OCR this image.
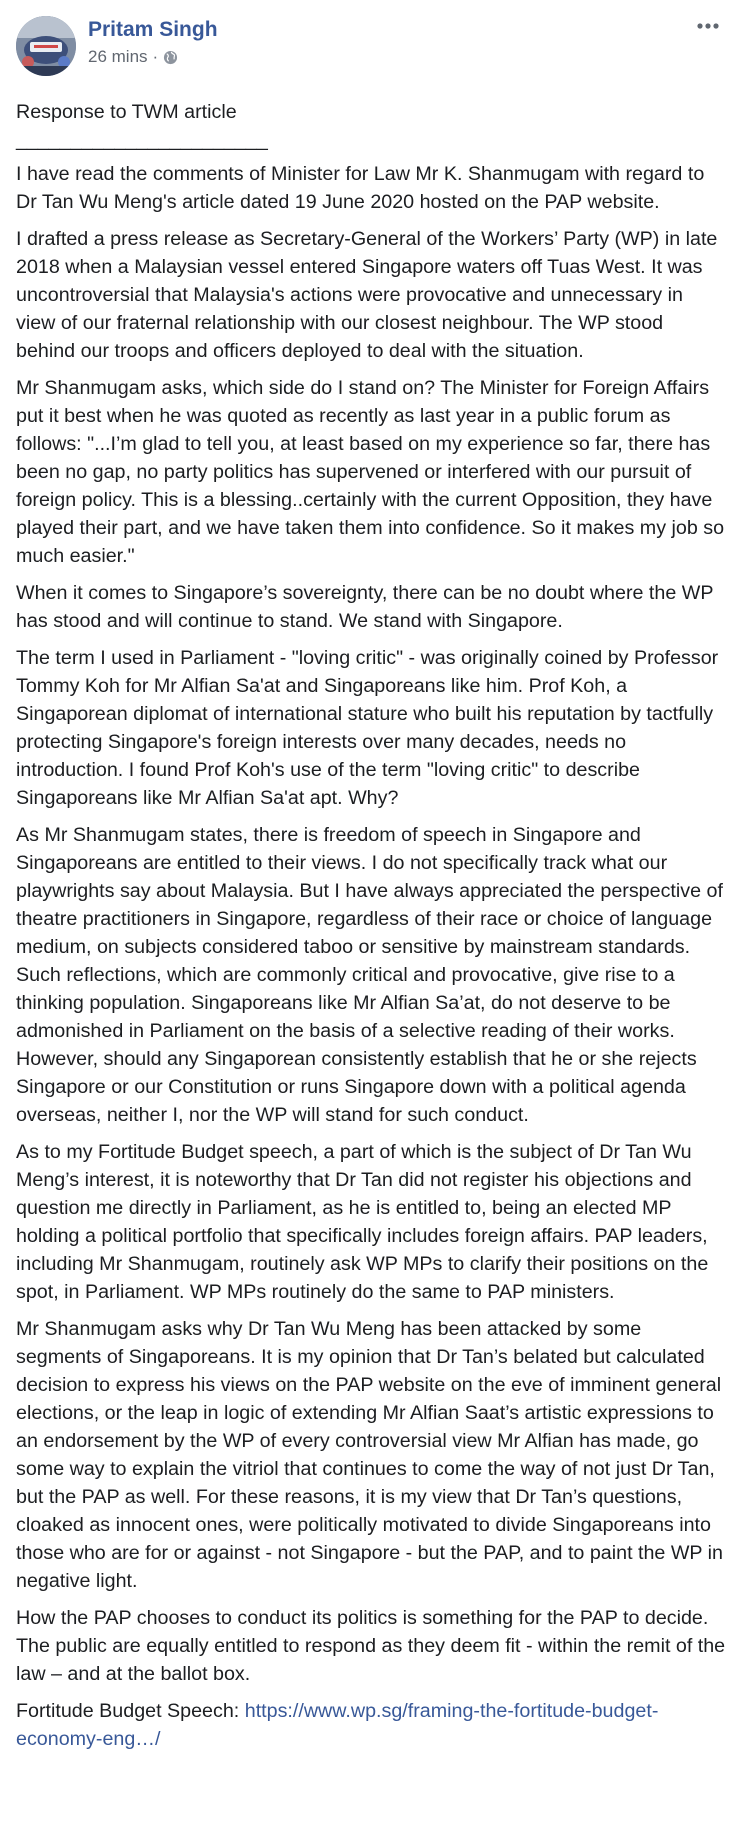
Pritam Singh
26 mins ·

Response to TWM article

_______________________

I have read the comments of Minister for Law Mr K. Shanmugam with regard to Dr Tan Wu Meng's article dated 19 June 2020 hosted on the PAP website.

I drafted a press release as Secretary-General of the Workers’ Party (WP) in late 2018 when a Malaysian vessel entered Singapore waters off Tuas West. It was uncontroversial that Malaysia's actions were provocative and unnecessary in view of our fraternal relationship with our closest neighbour. The WP stood behind our troops and officers deployed to deal with the situation.

Mr Shanmugam asks, which side do I stand on? The Minister for Foreign Affairs put it best when he was quoted as recently as last year in a public forum as follows: "...I’m glad to tell you, at least based on my experience so far, there has been no gap, no party politics has supervened or interfered with our pursuit of foreign policy. This is a blessing..certainly with the current Opposition, they have played their part, and we have taken them into confidence. So it makes my job so much easier."

When it comes to Singapore’s sovereignty, there can be no doubt where the WP has stood and will continue to stand. We stand with Singapore.

The term I used in Parliament - "loving critic" - was originally coined by Professor Tommy Koh for Mr Alfian Sa'at and Singaporeans like him. Prof Koh, a Singaporean diplomat of international stature who built his reputation by tactfully protecting Singapore's foreign interests over many decades, needs no introduction. I found Prof Koh's use of the term "loving critic" to describe Singaporeans like Mr Alfian Sa'at apt. Why?

As Mr Shanmugam states, there is freedom of speech in Singapore and Singaporeans are entitled to their views. I do not specifically track what our playwrights say about Malaysia. But I have always appreciated the perspective of theatre practitioners in Singapore, regardless of their race or choice of language medium, on subjects considered taboo or sensitive by mainstream standards. Such reflections, which are commonly critical and provocative, give rise to a thinking population. Singaporeans like Mr Alfian Sa’at, do not deserve to be admonished in Parliament on the basis of a selective reading of their works. However, should any Singaporean consistently establish that he or she rejects Singapore or our Constitution or runs Singapore down with a political agenda overseas, neither I, nor the WP will stand for such conduct.

As to my Fortitude Budget speech, a part of which is the subject of Dr Tan Wu Meng’s interest, it is noteworthy that Dr Tan did not register his objections and question me directly in Parliament, as he is entitled to, being an elected MP holding a political portfolio that specifically includes foreign affairs. PAP leaders, including Mr Shanmugam, routinely ask WP MPs to clarify their positions on the spot, in Parliament. WP MPs routinely do the same to PAP ministers.

Mr Shanmugam asks why Dr Tan Wu Meng has been attacked by some segments of Singaporeans. It is my opinion that Dr Tan’s belated but calculated decision to express his views on the PAP website on the eve of imminent general elections, or the leap in logic of extending Mr Alfian Saat’s artistic expressions to an endorsement by the WP of every controversial view Mr Alfian has made, go some way to explain the vitriol that continues to come the way of not just Dr Tan, but the PAP as well. For these reasons, it is my view that Dr Tan’s questions, cloaked as innocent ones, were politically motivated to divide Singaporeans into those who are for or against - not Singapore - but the PAP, and to paint the WP in negative light.

How the PAP chooses to conduct its politics is something for the PAP to decide. The public are equally entitled to respond as they deem fit - within the remit of the law – and at the ballot box.

Fortitude Budget Speech: https://www.wp.sg/framing-the-fortitude-budget-economy-eng…/
